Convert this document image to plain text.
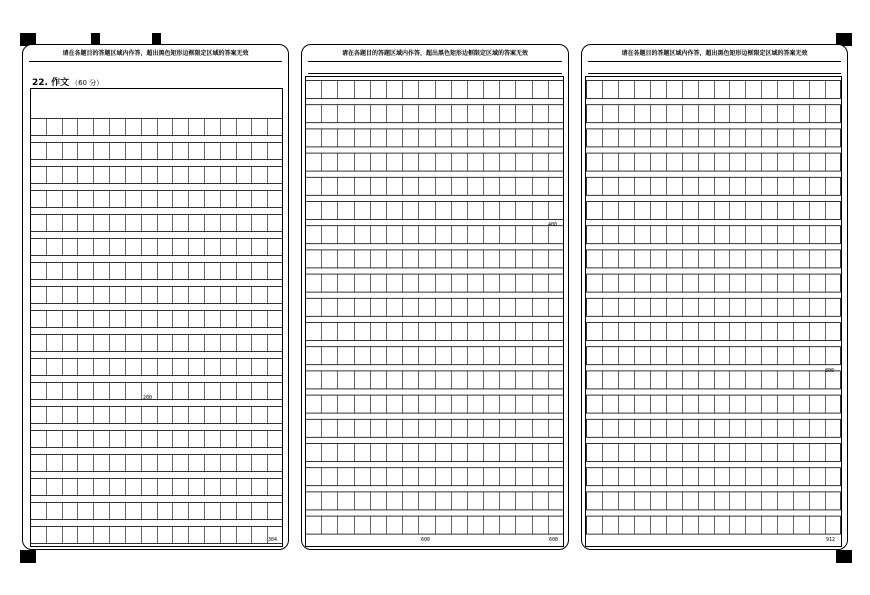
请在各题目的答题区域内作答，超出黑色矩形边框限定区域的答案无效
22. 作文 （60 分）
200
304
请在各题目的答题区域内作答，超出黑色矩形边框限定区域的答案无效
400
600	608
请在各题目的答题区域内作答，超出黑色矩形边框限定区域的答案无效
800
912
